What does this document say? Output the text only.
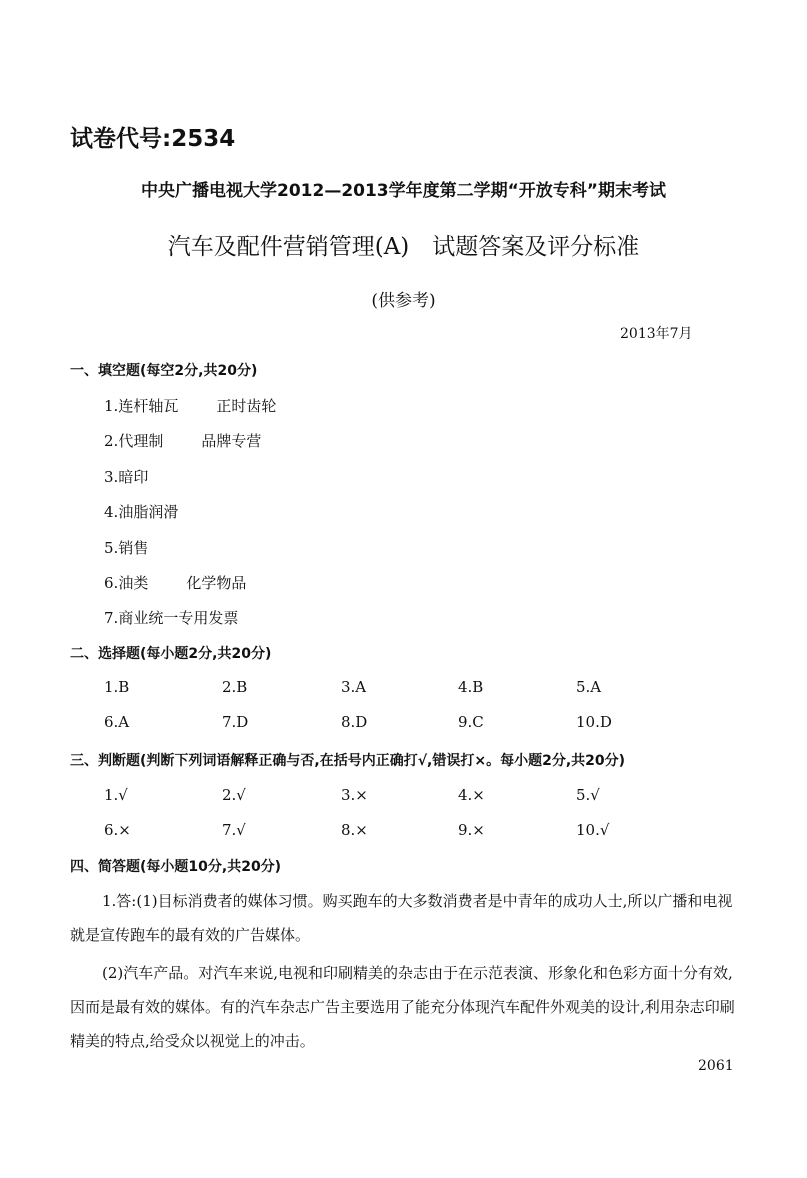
试卷代号:2534
中央广播电视大学2012—2013学年度第二学期“开放专科”期末考试
汽车及配件营销管理(A)　试题答案及评分标准
(供参考)
2013年7月
一、填空题(每空2分,共20分)
1.连杆轴瓦	正时齿轮
2.代理制	品牌专营
3.暗印
4.油脂润滑
5.销售
6.油类	化学物品
7.商业统一专用发票
二、选择题(每小题2分,共20分)
1.B	2.B	3.A	4.B	5.A
6.A	7.D	8.D	9.C	10.D
三、判断题(判断下列词语解释正确与否,在括号内正确打√,错误打×。每小题2分,共20分)
1.√	2.√	3.×	4.×	5.√
6.×	7.√	8.×	9.×	10.√
四、简答题(每小题10分,共20分)
1.答:(1)目标消费者的媒体习惯。购买跑车的大多数消费者是中青年的成功人士,所以广播和电视就是宣传跑车的最有效的广告媒体。
(2)汽车产品。对汽车来说,电视和印刷精美的杂志由于在示范表演、形象化和色彩方面十分有效,因而是最有效的媒体。有的汽车杂志广告主要选用了能充分体现汽车配件外观美的设计,利用杂志印刷精美的特点,给受众以视觉上的冲击。
2061
